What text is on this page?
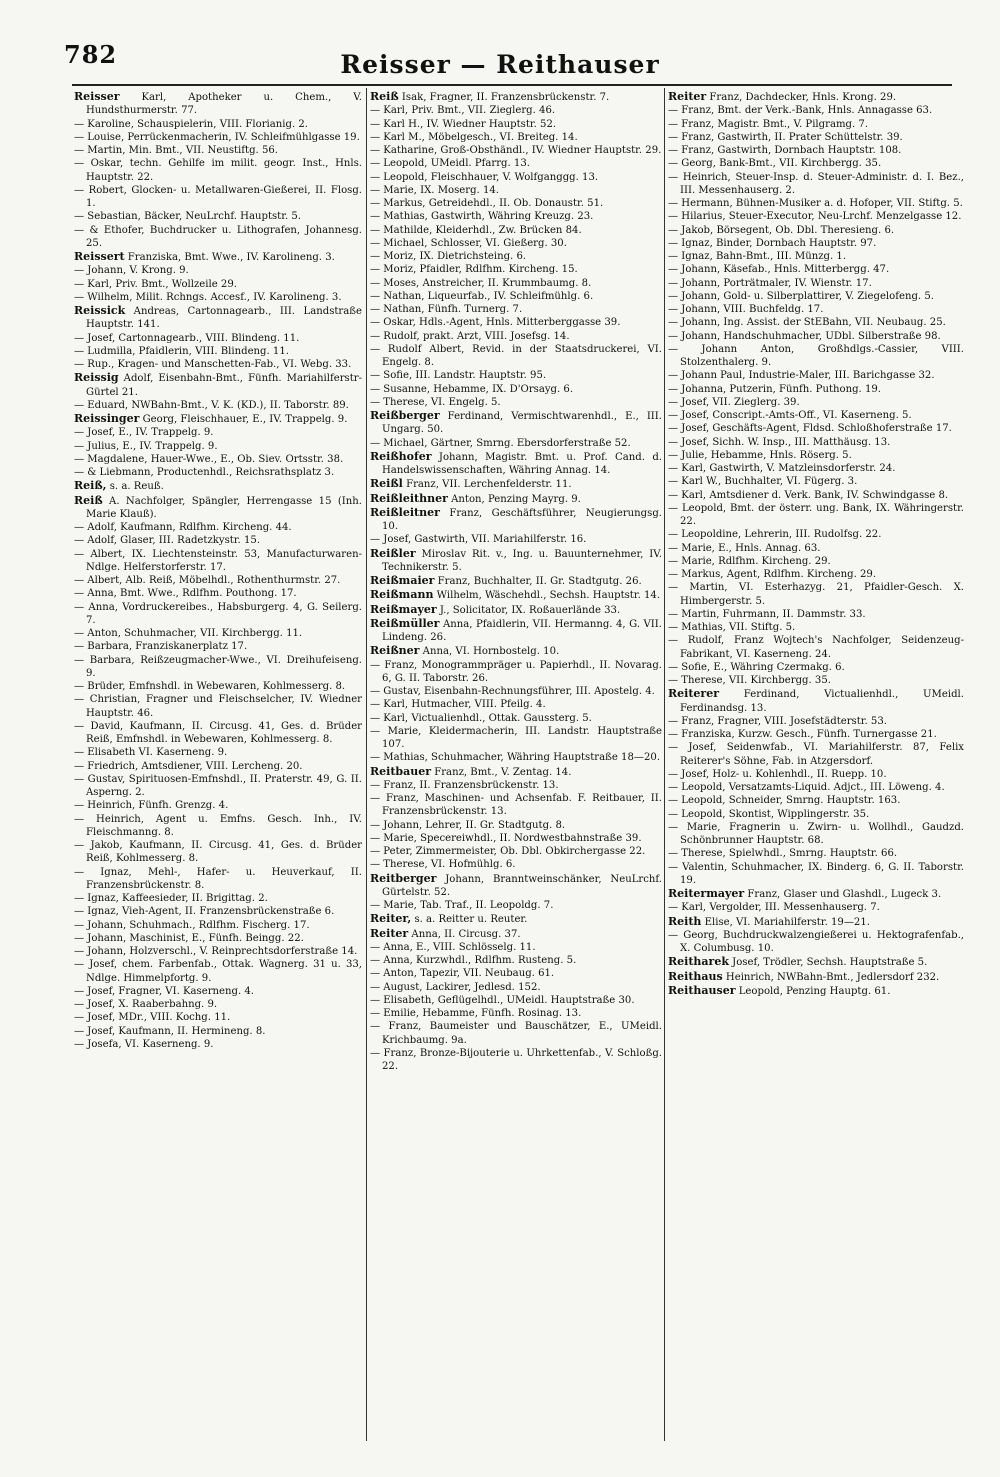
782	Reisser — Reithauser

Reisser Karl, Apotheker u. Chem., V. Hundsthurmerstr. 77.

— Karoline, Schauspielerin, VIII. Florianig. 2.

— Louise, Perrückenmacherin, IV. Schleifmühlgasse 19.

— Martin, Min. Bmt., VII. Neustiftg. 56.

— Oskar, techn. Gehilfe im milit. geogr. Inst., Hnls. Hauptstr. 22.

— Robert, Glocken- u. Metallwaren-Gießerei, II. Flosg. 1.

— Sebastian, Bäcker, NeuLrchf. Hauptstr. 5.

— & Ethofer, Buchdrucker u. Lithografen, Johannesg. 25.

Reissert Franziska, Bmt. Wwe., IV. Karolineng. 3.

— Johann, V. Krong. 9.

— Karl, Priv. Bmt., Wollzeile 29.

— Wilhelm, Milit. Rchngs. Accesf., IV. Karolineng. 3.

Reissick Andreas, Cartonnagearb., III. Landstraße Hauptstr. 141.

— Josef, Cartonnagearb., VIII. Blindeng. 11.

— Ludmilla, Pfaidlerin, VIII. Blindeng. 11.

— Rup., Kragen- und Manschetten-Fab., VI. Webg. 33.

Reissig Adolf, Eisenbahn-Bmt., Fünfh. Mariahilferstr-Gürtel 21.

— Eduard, NWBahn-Bmt., V. K. (KD.), II. Taborstr. 89.

Reissinger Georg, Fleischhauer, E., IV. Trappelg. 9.

— Josef, E., IV. Trappelg. 9.

— Julius, E., IV. Trappelg. 9.

— Magdalene, Hauer-Wwe., E., Ob. Siev. Ortsstr. 38.

— & Liebmann, Productenhdl., Reichsrathsplatz 3.

Reiß, s. a. Reuß.

Reiß A. Nachfolger, Spängler, Herrengasse 15 (Inh. Marie Klauß).

— Adolf, Kaufmann, Rdlfhm. Kircheng. 44.

— Adolf, Glaser, III. Radetzkystr. 15.

— Albert, IX. Liechtensteinstr. 53, Manufacturwaren-Ndlge. Helferstorferstr. 17.

— Albert, Alb. Reiß, Möbelhdl., Rothenthurmstr. 27.

— Anna, Bmt. Wwe., Rdlfhm. Pouthong. 17.

— Anna, Vordruckereibes., Habsburgerg. 4, G. Seilerg. 7.

— Anton, Schuhmacher, VII. Kirchbergg. 11.

— Barbara, Franziskanerplatz 17.

— Barbara, Reißzeugmacher-Wwe., VI. Dreihufeiseng. 9.

— Brüder, Emfnshdl. in Webewaren, Kohlmesserg. 8.

— Christian, Fragner und Fleischselcher, IV. Wiedner Hauptstr. 46.

— David, Kaufmann, II. Circusg. 41, Ges. d. Brüder Reiß, Emfnshdl. in Webewaren, Kohlmesserg. 8.

— Elisabeth VI. Kaserneng. 9.

— Friedrich, Amtsdiener, VIII. Lercheng. 20.

— Gustav, Spirituosen-Emfnshdl., II. Praterstr. 49, G. II. Asperng. 2.

— Heinrich, Fünfh. Grenzg. 4.

— Heinrich, Agent u. Emfns. Gesch. Inh., IV. Fleischmanng. 8.

— Jakob, Kaufmann, II. Circusg. 41, Ges. d. Brüder Reiß, Kohlmesserg. 8.

— Ignaz, Mehl-, Hafer- u. Heuverkauf, II. Franzensbrückenstr. 8.

— Ignaz, Kaffeesieder, II. Brigittag. 2.

— Ignaz, Vieh-Agent, II. Franzensbrückenstraße 6.

— Johann, Schuhmach., Rdlfhm. Fischerg. 17.

— Johann, Maschinist, E., Fünfh. Beingg. 22.

— Johann, Holzverschl., V. Reinprechtsdorferstraße 14.

— Josef, chem. Farbenfab., Ottak. Wagnerg. 31 u. 33, Ndlge. Himmelpfortg. 9.

— Josef, Fragner, VI. Kaserneng. 4.

— Josef, X. Raaberbahng. 9.

— Josef, MDr., VIII. Kochg. 11.

— Josef, Kaufmann, II. Hermineng. 8.

— Josefa, VI. Kaserneng. 9.

Reiß Isak, Fragner, II. Franzensbrückenstr. 7.

— Karl, Priv. Bmt., VII. Zieglerg. 46.

— Karl H., IV. Wiedner Hauptstr. 52.

— Karl M., Möbelgesch., VI. Breiteg. 14.

— Katharine, Groß-Obsthändl., IV. Wiedner Hauptstr. 29.

— Leopold, UMeidl. Pfarrg. 13.

— Leopold, Fleischhauer, V. Wolfganggg. 13.

— Marie, IX. Moserg. 14.

— Markus, Getreidehdl., II. Ob. Donaustr. 51.

— Mathias, Gastwirth, Währing Kreuzg. 23.

— Mathilde, Kleiderhdl., Zw. Brücken 84.

— Michael, Schlosser, VI. Gießerg. 30.

— Moriz, IX. Dietrichsteing. 6.

— Moriz, Pfaidler, Rdlfhm. Kircheng. 15.

— Moses, Anstreicher, II. Krummbaumg. 8.

— Nathan, Liqueurfab., IV. Schleifmühlg. 6.

— Nathan, Fünfh. Turnerg. 7.

— Oskar, Hdls.-Agent, Hnls. Mitterberggasse 39.

— Rudolf, prakt. Arzt, VIII. Josefsg. 14.

— Rudolf Albert, Revid. in der Staatsdruckerei, VI. Engelg. 8.

— Sofie, III. Landstr. Hauptstr. 95.

— Susanne, Hebamme, IX. D'Orsayg. 6.

— Therese, VI. Engelg. 5.

Reißberger Ferdinand, Vermischtwarenhdl., E., III. Ungarg. 50.

— Michael, Gärtner, Smrng. Ebersdorferstraße 52.

Reißhofer Johann, Magistr. Bmt. u. Prof. Cand. d. Handelswissenschaften, Währing Annag. 14.

Reißl Franz, VII. Lerchenfelderstr. 11.

Reißleithner Anton, Penzing Mayrg. 9.

Reißleitner Franz, Geschäftsführer, Neugierungsg. 10.

— Josef, Gastwirth, VII. Mariahilferstr. 16.

Reißler Miroslav Rit. v., Ing. u. Bauunternehmer, IV. Technikerstr. 5.

Reißmaier Franz, Buchhalter, II. Gr. Stadtgutg. 26.

Reißmann Wilhelm, Wäschehdl., Sechsh. Hauptstr. 14.

Reißmayer J., Solicitator, IX. Roßauerlände 33.

Reißmüller Anna, Pfaidlerin, VII. Hermanng. 4, G. VII. Lindeng. 26.

Reißner Anna, VI. Hornbostelg. 10.

— Franz, Monogrammpräger u. Papierhdl., II. Novarag. 6, G. II. Taborstr. 26.

— Gustav, Eisenbahn-Rechnungsführer, III. Apostelg. 4.

— Karl, Hutmacher, VIII. Pfeilg. 4.

— Karl, Victualienhdl., Ottak. Gaussterg. 5.

— Marie, Kleidermacherin, III. Landstr. Hauptstraße 107.

— Mathias, Schuhmacher, Währing Hauptstraße 18—20.

Reitbauer Franz, Bmt., V. Zentag. 14.

— Franz, II. Franzensbrückenstr. 13.

— Franz, Maschinen- und Achsenfab. F. Reitbauer, II. Franzensbrückenstr. 13.

— Johann, Lehrer, II. Gr. Stadtgutg. 8.

— Marie, Specereiwhdl., II. Nordwestbahnstraße 39.

— Peter, Zimmermeister, Ob. Dbl. Obkirchergasse 22.

— Therese, VI. Hofmühlg. 6.

Reitberger Johann, Branntweinschänker, NeuLrchf. Gürtelstr. 52.

— Marie, Tab. Traf., II. Leopoldg. 7.

Reiter, s. a. Reitter u. Reuter.

Reiter Anna, II. Circusg. 37.

— Anna, E., VIII. Schlösselg. 11.

— Anna, Kurzwhdl., Rdlfhm. Rusteng. 5.

— Anton, Tapezir, VII. Neubaug. 61.

— August, Lackirer, Jedlesd. 152.

— Elisabeth, Geflügelhdl., UMeidl. Hauptstraße 30.

— Emilie, Hebamme, Fünfh. Rosinag. 13.

— Franz, Baumeister und Bauschätzer, E., UMeidl. Krichbaumg. 9a.

— Franz, Bronze-Bijouterie u. Uhrkettenfab., V. Schloßg. 22.

Reiter Franz, Dachdecker, Hnls. Krong. 29.

— Franz, Bmt. der Verk.-Bank, Hnls. Annagasse 63.

— Franz, Magistr. Bmt., V. Pilgramg. 7.

— Franz, Gastwirth, II. Prater Schüttelstr. 39.

— Franz, Gastwirth, Dornbach Hauptstr. 108.

— Georg, Bank-Bmt., VII. Kirchbergg. 35.

— Heinrich, Steuer-Insp. d. Steuer-Administr. d. I. Bez., III. Messenhauserg. 2.

— Hermann, Bühnen-Musiker a. d. Hofoper, VII. Stiftg. 5.

— Hilarius, Steuer-Executor, Neu-Lrchf. Menzelgasse 12.

— Jakob, Börsegent, Ob. Dbl. Theresieng. 6.

— Ignaz, Binder, Dornbach Hauptstr. 97.

— Ignaz, Bahn-Bmt., III. Münzg. 1.

— Johann, Käsefab., Hnls. Mitterbergg. 47.

— Johann, Porträtmaler, IV. Wienstr. 17.

— Johann, Gold- u. Silberplattirer, V. Ziegelofeng. 5.

— Johann, VIII. Buchfeldg. 17.

— Johann, Ing. Assist. der StEBahn, VII. Neubaug. 25.

— Johann, Handschuhmacher, UDbl. Silberstraße 98.

— Johann Anton, Großhdlgs.-Cassier, VIII. Stolzenthalerg. 9.

— Johann Paul, Industrie-Maler, III. Barichgasse 32.

— Johanna, Putzerin, Fünfh. Puthong. 19.

— Josef, VII. Zieglerg. 39.

— Josef, Conscript.-Amts-Off., VI. Kaserneng. 5.

— Josef, Geschäfts-Agent, Fldsd. Schloßhoferstraße 17.

— Josef, Sichh. W. Insp., III. Matthäusg. 13.

— Julie, Hebamme, Hnls. Röserg. 5.

— Karl, Gastwirth, V. Matzleinsdorferstr. 24.

— Karl W., Buchhalter, VI. Fügerg. 3.

— Karl, Amtsdiener d. Verk. Bank, IV. Schwindgasse 8.

— Leopold, Bmt. der österr. ung. Bank, IX. Währingerstr. 22.

— Leopoldine, Lehrerin, III. Rudolfsg. 22.

— Marie, E., Hnls. Annag. 63.

— Marie, Rdlfhm. Kircheng. 29.

— Markus, Agent, Rdlfhm. Kircheng. 29.

— Martin, VI. Esterhazyg. 21, Pfaidler-Gesch. X. Himbergerstr. 5.

— Martin, Fuhrmann, II. Dammstr. 33.

— Mathias, VII. Stiftg. 5.

— Rudolf, Franz Wojtech's Nachfolger, Seidenzeug-Fabrikant, VI. Kaserneng. 24.

— Sofie, E., Währing Czermakg. 6.

— Therese, VII. Kirchbergg. 35.

Reiterer Ferdinand, Victualienhdl., UMeidl. Ferdinandsg. 13.

— Franz, Fragner, VIII. Josefstädterstr. 53.

— Franziska, Kurzw. Gesch., Fünfh. Turnergasse 21.

— Josef, Seidenwfab., VI. Mariahilferstr. 87, Felix Reiterer's Söhne, Fab. in Atzgersdorf.

— Josef, Holz- u. Kohlenhdl., II. Ruepp. 10.

— Leopold, Versatzamts-Liquid. Adjct., III. Löweng. 4.

— Leopold, Schneider, Smrng. Hauptstr. 163.

— Leopold, Skontist, Wipplingerstr. 35.

— Marie, Fragnerin u. Zwirn- u. Wollhdl., Gaudzd. Schönbrunner Hauptstr. 68.

— Therese, Spielwhdl., Smrng. Hauptstr. 66.

— Valentin, Schuhmacher, IX. Binderg. 6, G. II. Taborstr. 19.

Reitermayer Franz, Glaser und Glashdl., Lugeck 3.

— Karl, Vergolder, III. Messenhauserg. 7.

Reith Elise, VI. Mariahilferstr. 19—21.

— Georg, Buchdruckwalzengießerei u. Hektografenfab., X. Columbusg. 10.

Reitharek Josef, Trödler, Sechsh. Hauptstraße 5.

Reithaus Heinrich, NWBahn-Bmt., Jedlersdorf 232.

Reithauser Leopold, Penzing Hauptg. 61.
